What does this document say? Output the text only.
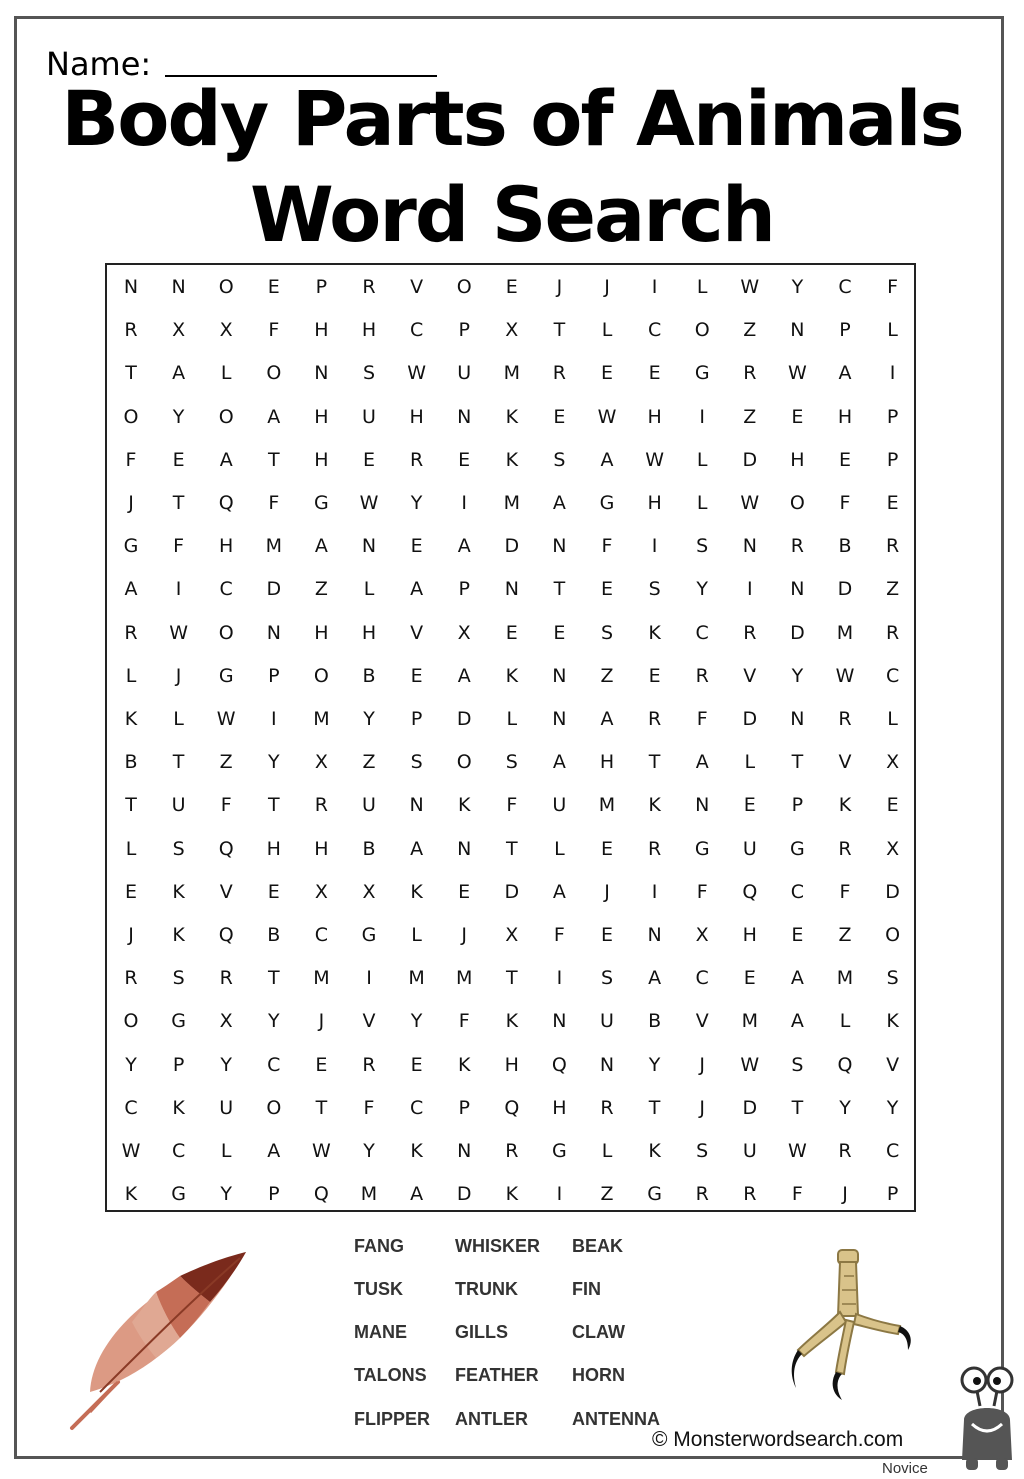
Name:
Body Parts of Animals
Word Search
N	N	O	E	P	R	V	O	E	J	J	I	L	W	Y	C	F
R	X	X	F	H	H	C	P	X	T	L	C	O	Z	N	P	L
T	A	L	O	N	S	W	U	M	R	E	E	G	R	W	A	I
O	Y	O	A	H	U	H	N	K	E	W	H	I	Z	E	H	P
F	E	A	T	H	E	R	E	K	S	A	W	L	D	H	E	P
J	T	Q	F	G	W	Y	I	M	A	G	H	L	W	O	F	E
G	F	H	M	A	N	E	A	D	N	F	I	S	N	R	B	R
A	I	C	D	Z	L	A	P	N	T	E	S	Y	I	N	D	Z
R	W	O	N	H	H	V	X	E	E	S	K	C	R	D	M	R
L	J	G	P	O	B	E	A	K	N	Z	E	R	V	Y	W	C
K	L	W	I	M	Y	P	D	L	N	A	R	F	D	N	R	L
B	T	Z	Y	X	Z	S	O	S	A	H	T	A	L	T	V	X
T	U	F	T	R	U	N	K	F	U	M	K	N	E	P	K	E
L	S	Q	H	H	B	A	N	T	L	E	R	G	U	G	R	X
E	K	V	E	X	X	K	E	D	A	J	I	F	Q	C	F	D
J	K	Q	B	C	G	L	J	X	F	E	N	X	H	E	Z	O
R	S	R	T	M	I	M	M	T	I	S	A	C	E	A	M	S
O	G	X	Y	J	V	Y	F	K	N	U	B	V	M	A	L	K
Y	P	Y	C	E	R	E	K	H	Q	N	Y	J	W	S	Q	V
C	K	U	O	T	F	C	P	Q	H	R	T	J	D	T	Y	Y
W	C	L	A	W	Y	K	N	R	G	L	K	S	U	W	R	C
K	G	Y	P	Q	M	A	D	K	I	Z	G	R	R	F	J	P
FANG
TUSK
MANE
TALONS
FLIPPER
WHISKER
TRUNK
GILLS
FEATHER
ANTLER
BEAK
FIN
CLAW
HORN
ANTENNA
© Monsterwordsearch.com
Novice
